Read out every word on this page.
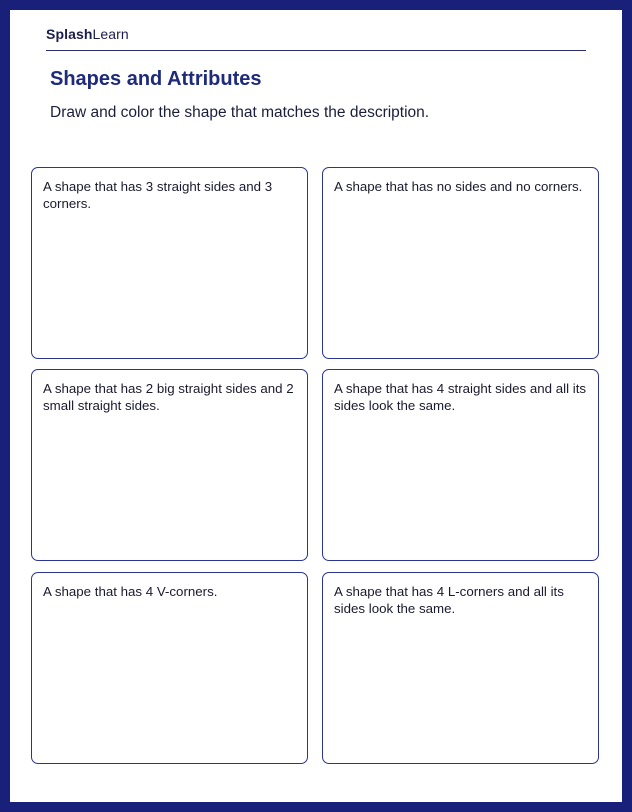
SplashLearn
Shapes and Attributes

Draw and color the shape that matches the description.

A shape that has 3 straight sides and 3 corners.
A shape that has no sides and no corners.
A shape that has 2 big straight sides and 2 small straight sides.
A shape that has 4 straight sides and all its sides look the same.
A shape that has 4 V-corners.	A shape that has 4 L-corners and all its sides look the same.
